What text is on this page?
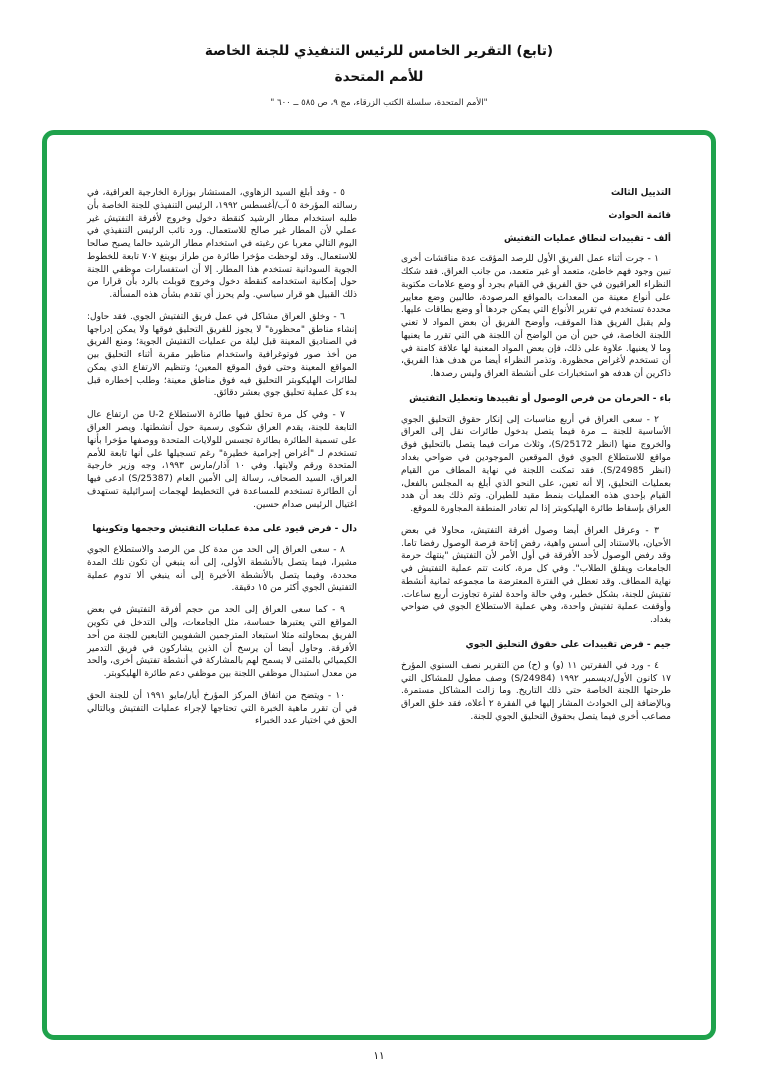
(تابع) التقرير الخامس للرئيس التنفيذي للجنة الخاصة
للأمم المتحدة
"الأمم المتحدة، سلسلة الكتب الزرقاء، مج ٩، ص ٥٨٥ ــ ٦٠٠ "
التذييل الثالث
قائمة الحوادث
ألف - تقييدات لنطاق عمليات التفتيش

١ - جرت أثناء عمل الفريق الأول للرصد المؤقت عدة مناقشات أخرى تبين وجود فهم خاطئ، متعمد أو غير متعمد، من جانب العراق. فقد شكك النظراء العراقيون في حق الفريق في القيام بجرد أو وضع علامات مكتوبة على أنواع معينة من المعدات بالمواقع المرصودة، طالبين وضع معايير محددة تستخدم في تقرير الأنواع التي يمكن جردها أو وضع بطاقات عليها. ولم يقبل الفريق هذا الموقف، وأوضح الفريق أن بعض المواد لا تعني اللجنة الخاصة، في حين أن من الواضح أن اللجنة هي التي تقرر ما يعنيها وما لا يعنيها. علاوة على ذلك، فإن بعض المواد المعنية لها علاقة كامنة في أن تستخدم لأغراض محظورة. وتذمر النظراء أيضا من هدف هذا الفريق، ذاكرين أن هدفه هو استخبارات على أنشطة العراق وليس رصدها.

باء - الحرمان من فرص الوصول أو تقييدها وتعطيل التفتيش

٢ - سعى العراق في أربع مناسبات إلى إنكار حقوق التحليق الجوي الأساسية للجنة ــ مرة فيما يتصل بدخول طائرات نقل إلى العراق والخروج منها (انظر S/25172)، وثلاث مرات فيما يتصل بالتحليق فوق مواقع للاستطلاع الجوي فوق الموقعين الموجودين في ضواحي بغداد (انظر S/24985). فقد تمكنت اللجنة في نهاية المطاف من القيام بعمليات التحليق، إلا أنه تعين، على النحو الذي أبلغ به المجلس بالفعل، القيام بإحدى هذه العمليات بنمط مقيد للطيران. وتم ذلك بعد أن هدد العراق بإسقاط طائرة الهليكوبتر إذا لم تغادر المنطقة المجاورة للموقع.

٣ - وعرقل العراق أيضا وصول أفرقة التفتيش، محاولا في بعض الأحيان، بالاستناد إلى أسس واهية، رفض إتاحة فرصة الوصول رفضا تاما. وقد رفض الوصول لأحد الأفرقة في أول الأمر لأن التفتيش "ينتهك حرمة الجامعات ويقلق الطلاب". وفي كل مرة، كانت تتم عملية التفتيش في نهاية المطاف. وقد تعطل في الفترة المعترضة ما مجموعه ثمانية أنشطة تفتيش للجنة، بشكل خطير، وفي حالة واحدة لفترة تجاوزت أربع ساعات. وأوقفت عملية تفتيش واحدة، وهي عملية الاستطلاع الجوي في ضواحي بغداد.

جيم - فرض تقييدات على حقوق التحليق الجوي

٤ - ورد في الفقرتين ١١ (و) و (ح) من التقرير نصف السنوي المؤرخ ١٧ كانون الأول/ديسمبر ١٩٩٢ (S/24984) وصف مطول للمشاكل التي طرحتها اللجنة الخاصة حتى ذلك التاريخ. وما زالت المشاكل مستمرة. وبالإضافة إلى الحوادث المشار إليها في الفقرة ٢ أعلاه، فقد خلق العراق مصاعب أخرى فيما يتصل بحقوق التحليق الجوي للجنة.

٥ - وقد أبلغ السيد الزهاوي، المستشار بوزارة الخارجية العراقية، في رسالته المؤرخة ٥ آب/أغسطس ١٩٩٢، الرئيس التنفيذي للجنة الخاصة بأن طلبه استخدام مطار الرشيد كنقطة دخول وخروج لأفرقة التفتيش غير عملي لأن المطار غير صالح للاستعمال. ورد نائب الرئيس التنفيذي في اليوم التالي معربا عن رغبته في استخدام مطار الرشيد حالما يصبح صالحا للاستعمال. وقد لوحظت مؤخرا طائرة من طراز بوينغ ٧٠٧ تابعة للخطوط الجوية السودانية تستخدم هذا المطار. إلا أن استفسارات موظفي اللجنة حول إمكانية استخدامه كنقطة دخول وخروج قوبلت بالرد بأن قرارا من ذلك القبيل هو قرار سياسي. ولم يحرز أي تقدم بشأن هذه المسألة.

٦ - وخلق العراق مشاكل في عمل فريق التفتيش الجوي. فقد حاول: إنشاء مناطق "محظورة" لا يجوز للفريق التحليق فوقها ولا يمكن إدراجها في الصناديق المعينة قبل ليلة من عمليات التفتيش الجوية؛ ومنع الفريق من أخذ صور فوتوغرافية واستخدام مناظير مقربة أثناء التحليق بين المواقع المعينة وحتى فوق الموقع المعين؛ وتنظيم الارتفاع الذي يمكن لطائرات الهليكوبتر التحليق فيه فوق مناطق معينة؛ وطلب إخطاره قبل بدء كل عملية تحليق جوي بعشر دقائق.

٧ - وفي كل مرة تحلق فيها طائرة الاستطلاع U-2 من ارتفاع عال التابعة للجنة، يقدم العراق شكوى رسمية حول أنشطتها. ويصر العراق على تسمية الطائرة بطائرة تجسس للولايات المتحدة ووصفها مؤخرا بأنها تستخدم لـ "أغراض إجرامية خطيرة" رغم تسجيلها على أنها تابعة للأمم المتحدة ورقم ولايتها. وفي ١٠ آذار/مارس ١٩٩٣، وجه وزير خارجية العراق، السيد الصحاف، رسالة إلى الأمين العام (S/25387) ادعى فيها أن الطائرة تستخدم للمساعدة في التخطيط لهجمات إسرائيلية تستهدف اغتيال الرئيس صدام حسين.

دال - فرض قيود على مدة عمليات التفتيش وحجمها وتكوينها

٨ - سعى العراق إلى الحد من مدة كل من الرصد والاستطلاع الجوي مشيرا، فيما يتصل بالأنشطة الأولى، إلى أنه ينبغي أن تكون تلك المدة محددة، وفيما يتصل بالأنشطة الأخيرة إلى أنه ينبغي ألا تدوم عملية التفتيش الجوي أكثر من ١٥ دقيقة.

٩ - كما سعى العراق إلى الحد من حجم أفرقة التفتيش في بعض المواقع التي يعتبرها حساسة، مثل الجامعات، وإلى التدخل في تكوين الفريق بمحاولته مثلا استبعاد المترجمين الشفويين التابعين للجنة من أحد الأفرقة. وحاول أيضا أن يرسخ أن الذين يشاركون في فريق التدمير الكيميائي بالمثنى لا يسمح لهم بالمشاركة في أنشطة تفتيش أخرى، والحد من معدل استبدال موظفي اللجنة بين موظفي دعم طائرة الهليكوبتر.

١٠ - ويتضح من اتفاق المركز المؤرخ أيار/مايو ١٩٩١ أن للجنة الحق في أن تقرر ماهية الخبرة التي تحتاجها لإجراء عمليات التفتيش وبالتالي الحق في اختيار عدد الخبراء

١١
